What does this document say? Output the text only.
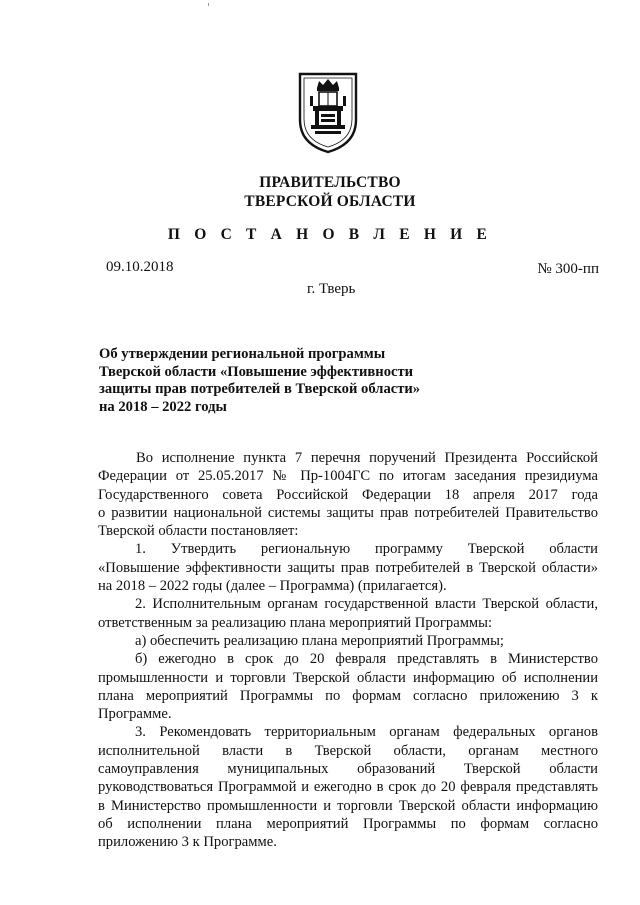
ПРАВИТЕЛЬСТВО
ТВЕРСКОЙ ОБЛАСТИ
П О С Т А Н О В Л Е Н И Е
09.10.2018	№ 300-пп
г. Тверь
Об утверждении региональной программы
Тверской области «Повышение эффективности
защиты прав потребителей в Тверской области»
на 2018 – 2022 годы
Во исполнение пункта 7 перечня поручений Президента Российской
Федерации от 25.05.2017 № Пр-1004ГС по итогам заседания президиума
Государственного совета Российской Федерации 18 апреля 2017 года
о развитии национальной системы защиты прав потребителей Правительство
Тверской области постановляет:
1. Утвердить региональную программу Тверской области
«Повышение эффективности защиты прав потребителей в Тверской области»
на 2018 – 2022 годы (далее – Программа) (прилагается).
2. Исполнительным органам государственной власти Тверской области,
ответственным за реализацию плана мероприятий Программы:
а) обеспечить реализацию плана мероприятий Программы;
б) ежегодно в срок до 20 февраля представлять в Министерство
промышленности и торговли Тверской области информацию об исполнении
плана мероприятий Программы по формам согласно приложению 3 к
Программе.
3. Рекомендовать территориальным органам федеральных органов
исполнительной власти в Тверской области, органам местного
самоуправления муниципальных образований Тверской области
руководствоваться Программой и ежегодно в срок до 20 февраля представлять
в Министерство промышленности и торговли Тверской области информацию
об исполнении плана мероприятий Программы по формам согласно
приложению 3 к Программе.
